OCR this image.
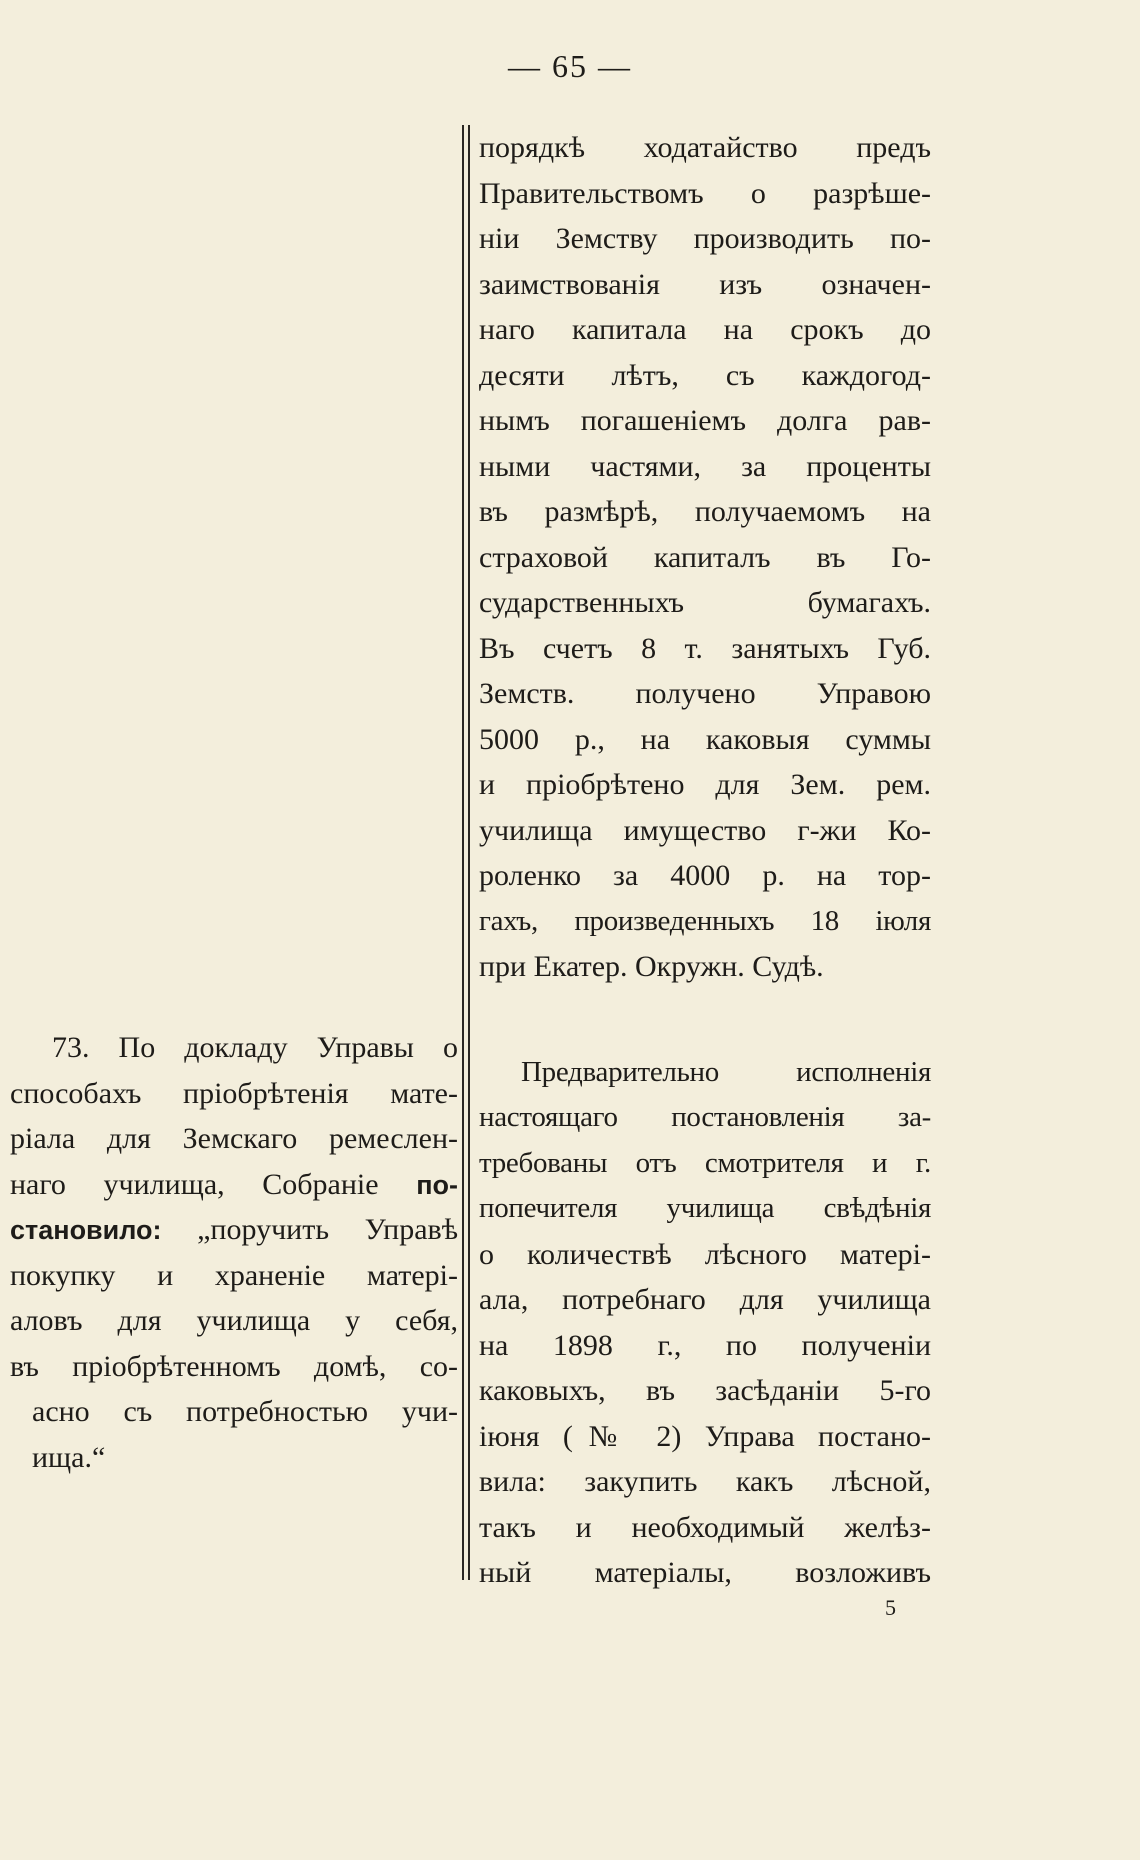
— 65 —
73. По докладу Управы о
способахъ пріобрѣтенія мате-
ріала для Земскаго ремеслен-
наго училища, Собраніе по-
становило: „поручить Управѣ
покупку и храненіе матері-
аловъ для училища у себя,
въ пріобрѣтенномъ домѣ, со-
асно съ потребностью учи-
ища.“
порядкѣ ходатайство предъ
Правительствомъ о разрѣше-
ніи Земству производить по-
заимствованія изъ означен-
наго капитала на срокъ до
десяти лѣтъ, съ каждогод-
нымъ погашеніемъ долга рав-
ными частями, за проценты
въ размѣрѣ, получаемомъ на
страховой капиталъ въ Го-
сударственныхъ бумагахъ.
Въ счетъ 8 т. занятыхъ Губ.
Земств. получено Управою
5000 р., на каковыя суммы
и пріобрѣтено для Зем. рем.
училища имущество г-жи Ко-
роленко за 4000 р. на тор-
гахъ, произведенныхъ 18 іюля
при Екатер. Окружн. Судѣ.
Предварительно исполненія
настоящаго постановленія за-
требованы отъ смотрителя и г.
попечителя училища свѣдѣнія
о количествѣ лѣсного матері-
ала, потребнаго для училища
на 1898 г., по полученіи
каковыхъ, въ засѣданіи 5-го
іюня (№ 2) Управа постано-
вила: закупить какъ лѣсной,
такъ и необходимый желѣз-
ный матеріалы, возложивъ
5
